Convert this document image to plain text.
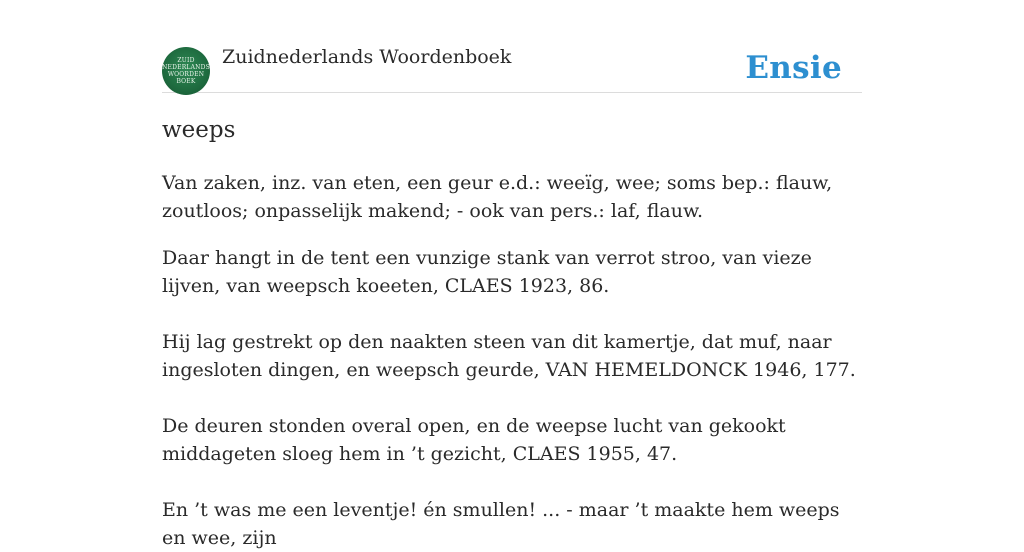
ZUID
NEDERLANDS
WOORDEN
BOEK
Zuidnederlands Woordenboek	Ensie
weeps

Van zaken, inz. van eten, een geur e.d.: weeïg, wee; soms bep.: flauw, zoutloos; onpasselijk makend; - ook van pers.: laf, flauw.

Daar hangt in de tent een vunzige stank van verrot stroo, van vieze lijven, van weepsch koeeten, CLAES 1923, 86.

Hij lag gestrekt op den naakten steen van dit kamertje, dat muf, naar ingesloten dingen, en weepsch geurde, VAN HEMELDONCK 1946, 177.

De deuren stonden overal open, en de weepse lucht van gekookt middageten sloeg hem in ’t gezicht, CLAES 1955, 47.

En ’t was me een leventje! én smullen! ... - maar ’t maakte hem weeps en wee, zijn
